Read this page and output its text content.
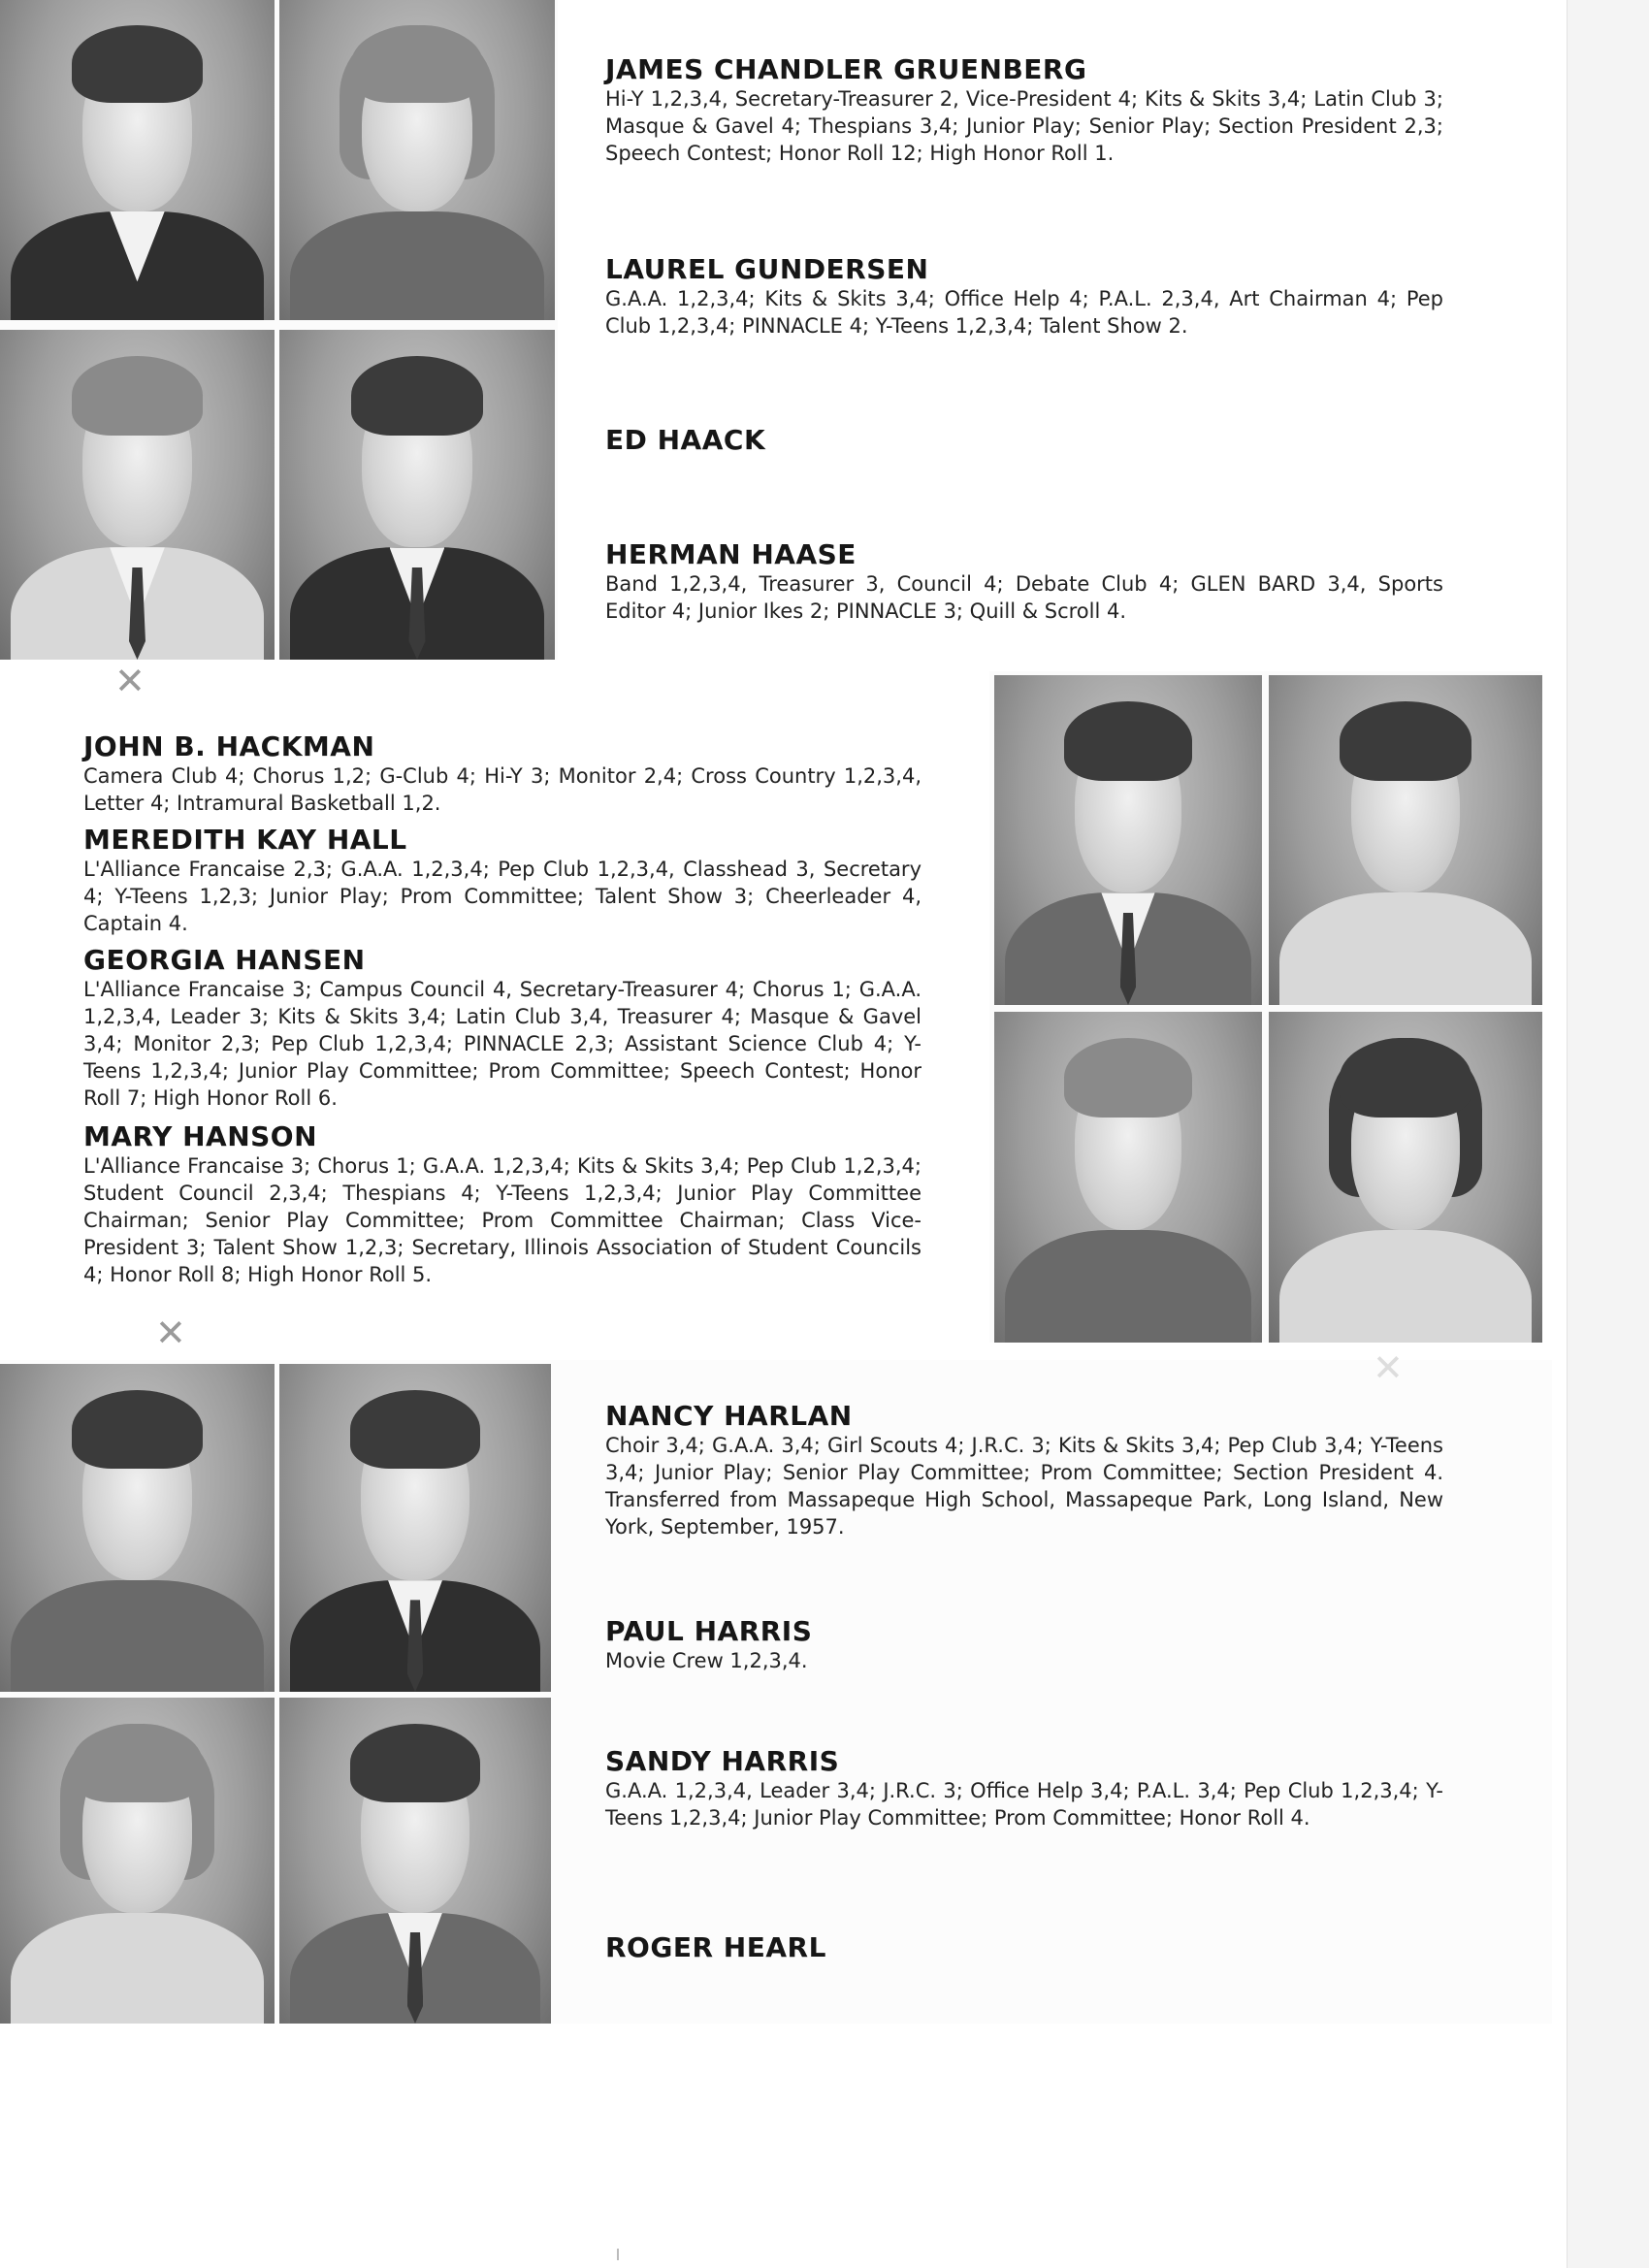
✕
✕
✕
JAMES CHANDLER GRUENBERG
Hi-Y 1,2,3,4, Secretary-Treasurer 2, Vice-President 4; Kits & Skits 3,4; Latin Club 3; Masque & Gavel 4; Thespians 3,4; Junior Play; Senior Play; Section President 2,3; Speech Contest; Honor Roll 12; High Honor Roll 1.
LAUREL GUNDERSEN
G.A.A. 1,2,3,4; Kits & Skits 3,4; Office Help 4; P.A.L. 2,3,4, Art Chairman 4; Pep Club 1,2,3,4; PINNACLE 4; Y-Teens 1,2,3,4; Talent Show 2.
ED HAACK
HERMAN HAASE
Band 1,2,3,4, Treasurer 3, Council 4; Debate Club 4; GLEN BARD 3,4, Sports Editor 4; Junior Ikes 2; PINNACLE 3; Quill & Scroll 4.
JOHN B. HACKMAN
Camera Club 4; Chorus 1,2; G-Club 4; Hi-Y 3; Monitor 2,4; Cross Country 1,2,3,4, Letter 4; Intramural Basketball 1,2.
MEREDITH KAY HALL
L'Alliance Francaise 2,3; G.A.A. 1,2,3,4; Pep Club 1,2,3,4, Classhead 3, Secretary 4; Y-Teens 1,2,3; Junior Play; Prom Committee; Talent Show 3; Cheerleader 4, Captain 4.
GEORGIA HANSEN
L'Alliance Francaise 3; Campus Council 4, Secretary-Treasurer 4; Chorus 1; G.A.A. 1,2,3,4, Leader 3; Kits & Skits 3,4; Latin Club 3,4, Treasurer 4; Masque & Gavel 3,4; Monitor 2,3; Pep Club 1,2,3,4; PINNACLE 2,3; Assistant Science Club 4; Y-Teens 1,2,3,4; Junior Play Committee; Prom Committee; Speech Contest; Honor Roll 7; High Honor Roll 6.
MARY HANSON
L'Alliance Francaise 3; Chorus 1; G.A.A. 1,2,3,4; Kits & Skits 3,4; Pep Club 1,2,3,4; Student Council 2,3,4; Thespians 4; Y-Teens 1,2,3,4; Junior Play Committee Chairman; Senior Play Committee; Prom Committee Chairman; Class Vice-President 3; Talent Show 1,2,3; Secretary, Illinois Association of Student Councils 4; Honor Roll 8; High Honor Roll 5.
NANCY HARLAN
Choir 3,4; G.A.A. 3,4; Girl Scouts 4; J.R.C. 3; Kits & Skits 3,4; Pep Club 3,4; Y-Teens 3,4; Junior Play; Senior Play Committee; Prom Committee; Section President 4. Transferred from Massapeque High School, Massapeque Park, Long Island, New York, September, 1957.
PAUL HARRIS
Movie Crew 1,2,3,4.
SANDY HARRIS
G.A.A. 1,2,3,4, Leader 3,4; J.R.C. 3; Office Help 3,4; P.A.L. 3,4; Pep Club 1,2,3,4; Y-Teens 1,2,3,4; Junior Play Committee; Prom Committee; Honor Roll 4.
ROGER HEARL
